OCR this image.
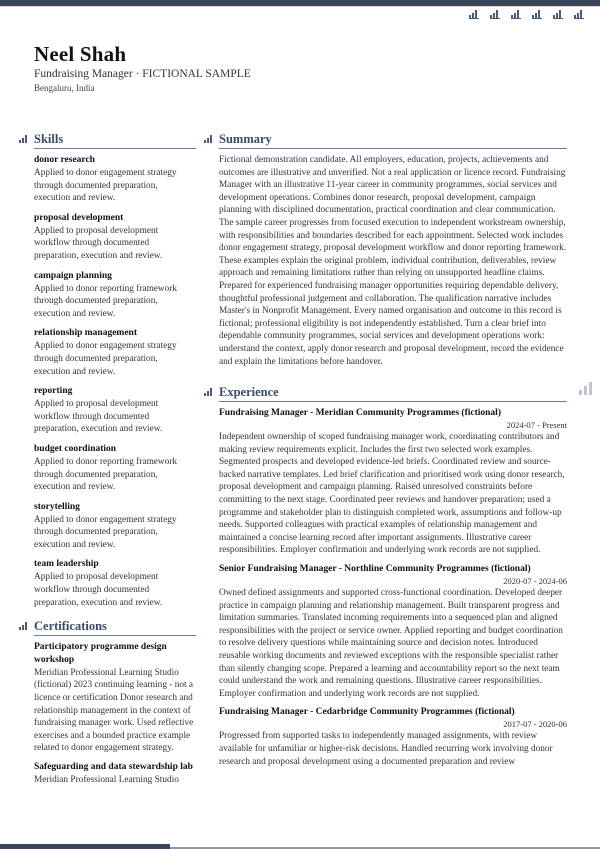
Neel Shah
Fundraising Manager · FICTIONAL SAMPLE
Bengaluru, India
Skills
donor research
Applied to donor engagement strategy through documented preparation, execution and review.
proposal development
Applied to proposal development workflow through documented preparation, execution and review.
campaign planning
Applied to donor reporting framework through documented preparation, execution and review.
relationship management
Applied to donor engagement strategy through documented preparation, execution and review.
reporting
Applied to proposal development workflow through documented preparation, execution and review.
budget coordination
Applied to donor reporting framework through documented preparation, execution and review.
storytelling
Applied to donor engagement strategy through documented preparation, execution and review.
team leadership
Applied to proposal development workflow through documented preparation, execution and review.
Certifications
Participatory programme design workshop
Meridian Professional Learning Studio (fictional) 2023 continuing learning - not a licence or certification Donor research and relationship management in the context of fundraising manager work. Used reflective exercises and a bounded practice example related to donor engagement strategy.
Safeguarding and data stewardship lab
Meridian Professional Learning Studio
Summary
Fictional demonstration candidate. All employers, education, projects, achievements and outcomes are illustrative and unverified. Not a real application or licence record. Fundraising Manager with an illustrative 11-year career in community programmes, social services and development operations. Combines donor research, proposal development, campaign planning with disciplined documentation, practical coordination and clear communication. The sample career progresses from focused execution to independent workstream ownership, with responsibilities and boundaries described for each appointment. Selected work includes donor engagement strategy, proposal development workflow and donor reporting framework. These examples explain the original problem, individual contribution, deliverables, review approach and remaining limitations rather than relying on unsupported headline claims. Prepared for experienced fundraising manager opportunities requiring dependable delivery, thoughtful professional judgement and collaboration. The qualification narrative includes Master's in Nonprofit Management. Every named organisation and outcome in this record is fictional; professional eligibility is not independently established. Turn a clear brief into dependable community programmes, social services and development operations work: understand the context, apply donor research and proposal development, record the evidence and explain the limitations before handover.
Experience
Fundraising Manager - Meridian Community Programmes (fictional)
2024-07 - Present
Independent ownership of scoped fundraising manager work, coordinating contributors and making review requirements explicit. Includes the first two selected work examples. Segmented prospects and developed evidence-led briefs. Coordinated review and source-backed narrative templates. Led brief clarification and prioritised work using donor research, proposal development and campaign planning. Raised unresolved constraints before committing to the next stage. Coordinated peer reviews and handover preparation; used a programme and stakeholder plan to distinguish completed work, assumptions and follow-up needs. Supported colleagues with practical examples of relationship management and maintained a concise learning record after important assignments. Illustrative career responsibilities. Employer confirmation and underlying work records are not supplied.
Senior Fundraising Manager - Northline Community Programmes (fictional)
2020-07 - 2024-06
Owned defined assignments and supported cross-functional coordination. Developed deeper practice in campaign planning and relationship management. Built transparent progress and limitation summaries. Translated incoming requirements into a sequenced plan and aligned responsibilities with the project or service owner. Applied reporting and budget coordination to resolve delivery questions while maintaining source and decision notes. Introduced reusable working documents and reviewed exceptions with the responsible specialist rather than silently changing scope. Prepared a learning and accountability report so the next team could understand the work and remaining questions. Illustrative career responsibilities. Employer confirmation and underlying work records are not supplied.
Fundraising Manager - Cedarbridge Community Programmes (fictional)
2017-07 - 2020-06
Progressed from supported tasks to independently managed assignments, with review available for unfamiliar or higher-risk decisions. Handled recurring work involving donor research and proposal development using a documented preparation and review
